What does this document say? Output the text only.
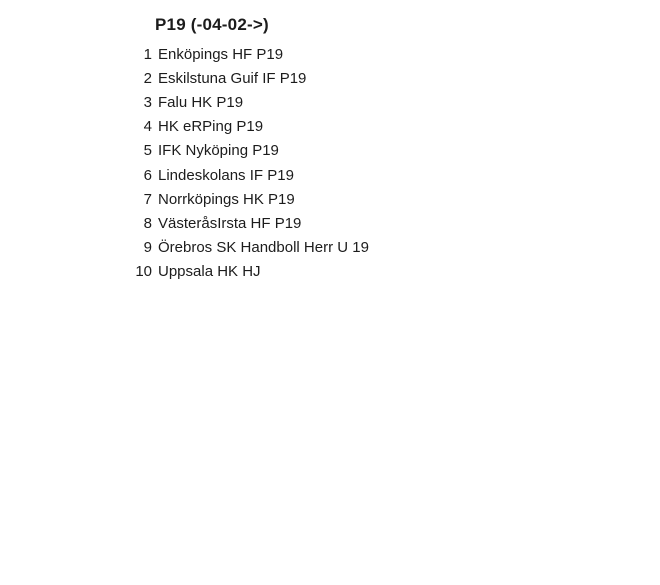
P19 (-04-02->)
1 Enköpings HF P19
2 Eskilstuna Guif IF P19
3 Falu HK P19
4 HK eRPing P19
5 IFK Nyköping P19
6 Lindeskolans IF P19
7 Norrköpings HK P19
8 VästeråsIrsta HF P19
9 Örebros SK Handboll Herr U 19
10 Uppsala HK HJ
